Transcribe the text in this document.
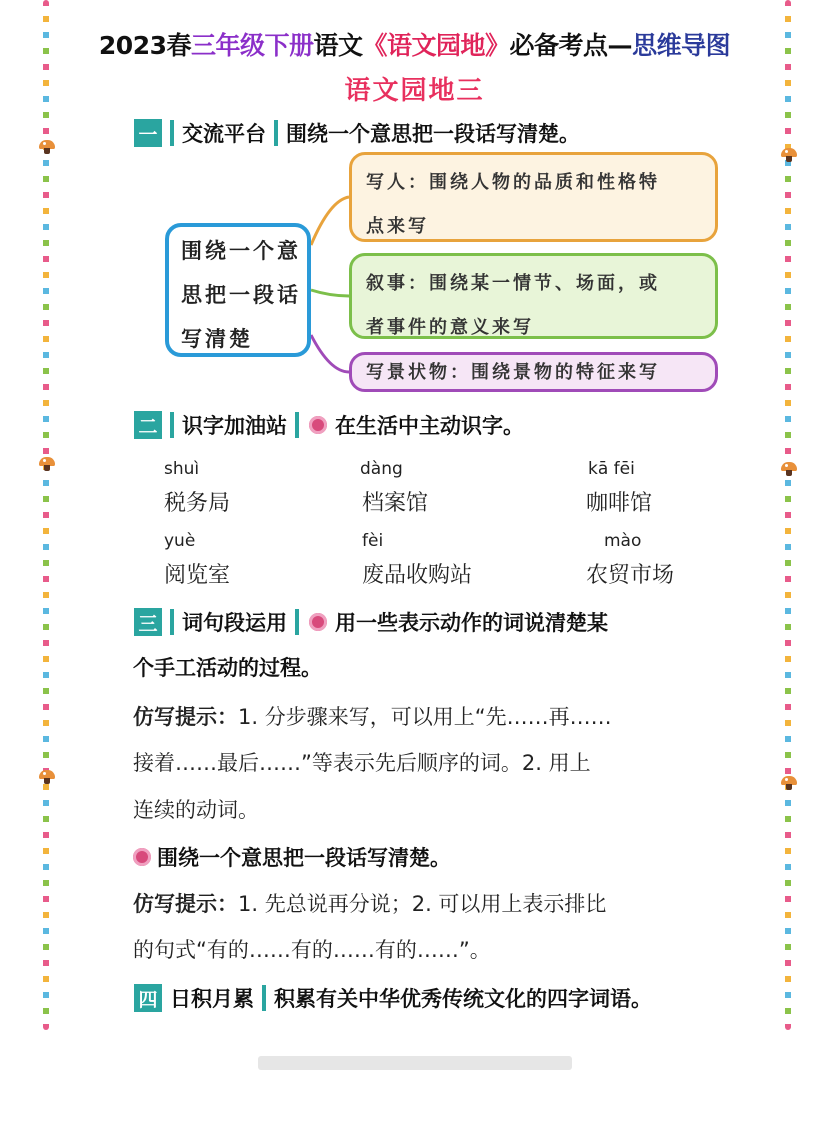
2023春三年级下册语文《语文园地》必备考点—思维导图
语文园地三
一 交流平台 围绕一个意思把一段话写清楚。
围绕一个意
思把一段话
写清楚
写人：围绕人物的品质和性格特
点来写
叙事：围绕某一情节、场面，或
者事件的意义来写
写景状物：围绕景物的特征来写
二 识字加油站 在生活中主动识字。
shuì
税务局
dàng
档案馆
kā fēi
咖啡馆
yuè
阅览室
fèi
废品收购站
mào
农贸市场
三 词句段运用 用一些表示动作的词说清楚某
个手工活动的过程。
仿写提示：1. 分步骤来写，可以用上“先……再……
接着……最后……”等表示先后顺序的词。2. 用上
连续的动词。
围绕一个意思把一段话写清楚。
仿写提示：1. 先总说再分说；2. 可以用上表示排比
的句式“有的……有的……有的……”。
四 日积月累 积累有关中华优秀传统文化的四字词语。
